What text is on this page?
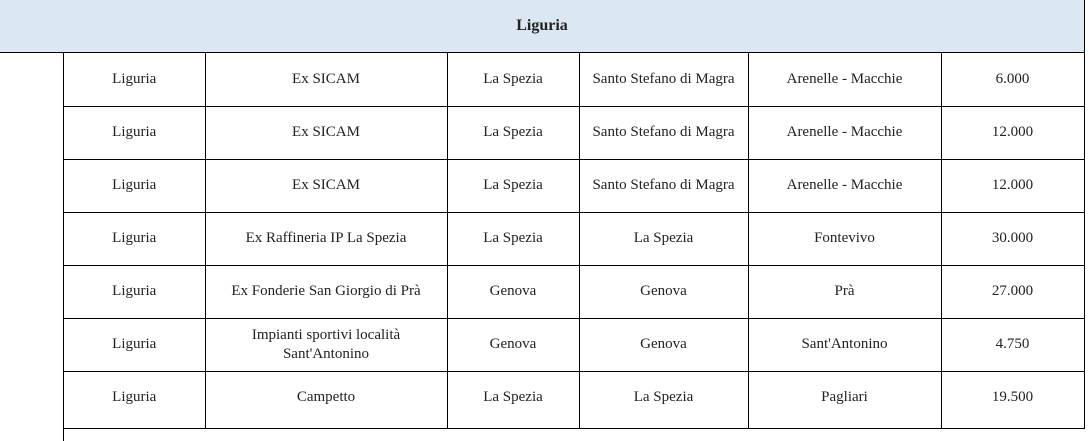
Liguria
Liguria	Ex SICAM	La Spezia	Santo Stefano di Magra	Arenelle - Macchie	6.000
Liguria	Ex SICAM	La Spezia	Santo Stefano di Magra	Arenelle - Macchie	12.000
Liguria	Ex SICAM	La Spezia	Santo Stefano di Magra	Arenelle - Macchie	12.000
Liguria	Ex Raffineria IP La Spezia	La Spezia	La Spezia	Fontevivo	30.000
Liguria	Ex Fonderie San Giorgio di Prà	Genova	Genova	Prà	27.000
Liguria	Impianti sportivi località Sant'Antonino	Genova	Genova	Sant'Antonino	4.750
Liguria	Campetto	La Spezia	La Spezia	Pagliari	19.500
